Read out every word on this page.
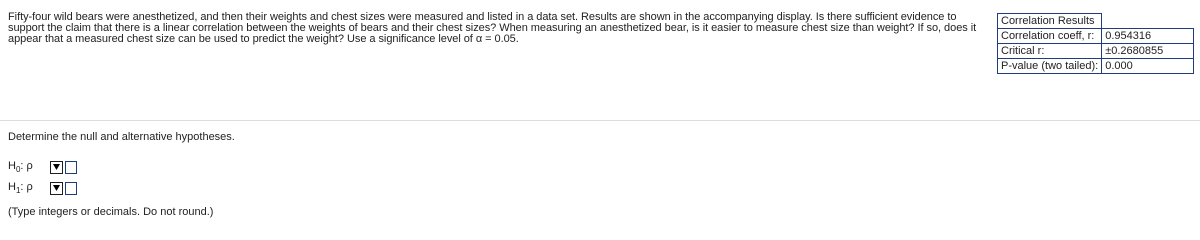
Fifty-four wild bears were anesthetized, and then their weights and chest sizes were measured and listed in a data set. Results are shown in the accompanying display. Is there sufficient evidence to support the claim that there is a linear correlation between the weights of bears and their chest sizes? When measuring an anesthetized bear, is it easier to measure chest size than weight? If so, does it appear that a measured chest size can be used to predict the weight? Use a significance level of α = 0.05.
Correlation Results	
Correlation coeff, r:	0.954316
Critical r:	±0.2680855
P-value (two tailed):	0.000
Determine the null and alternative hypotheses.
$H_0$: ρ
$H_1$: ρ
(Type integers or decimals. Do not round.)
